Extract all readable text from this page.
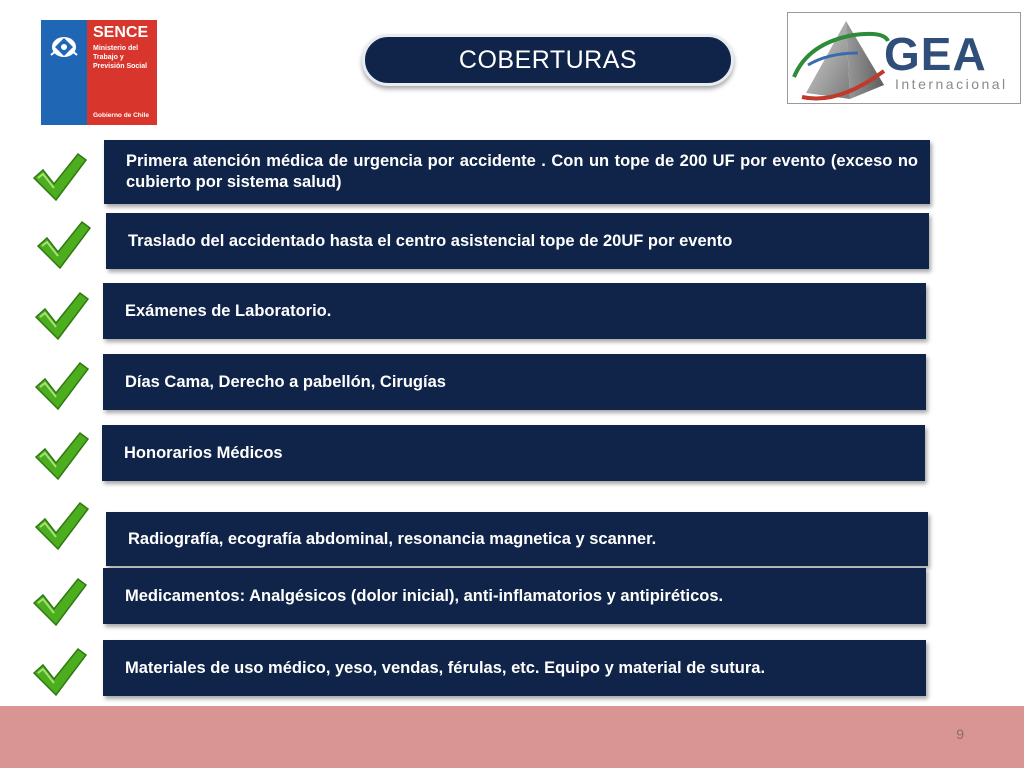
SENCE
Ministerio del
Trabajo y
Previsión Social
Gobierno de Chile
COBERTURAS	GEA
Internacional
Primera atención médica de urgencia por accidente . Con un tope de 200 UF por evento (exceso no cubierto por sistema salud)
Traslado del accidentado hasta el centro asistencial tope de 20UF por evento
Exámenes de Laboratorio.
Días Cama, Derecho a pabellón, Cirugías
Honorarios Médicos
Radiografía, ecografía abdominal, resonancia magnetica y scanner.
Medicamentos: Analgésicos (dolor inicial), anti-inflamatorios y antipiréticos.
Materiales de uso médico, yeso, vendas, férulas, etc. Equipo y material de sutura.
9
